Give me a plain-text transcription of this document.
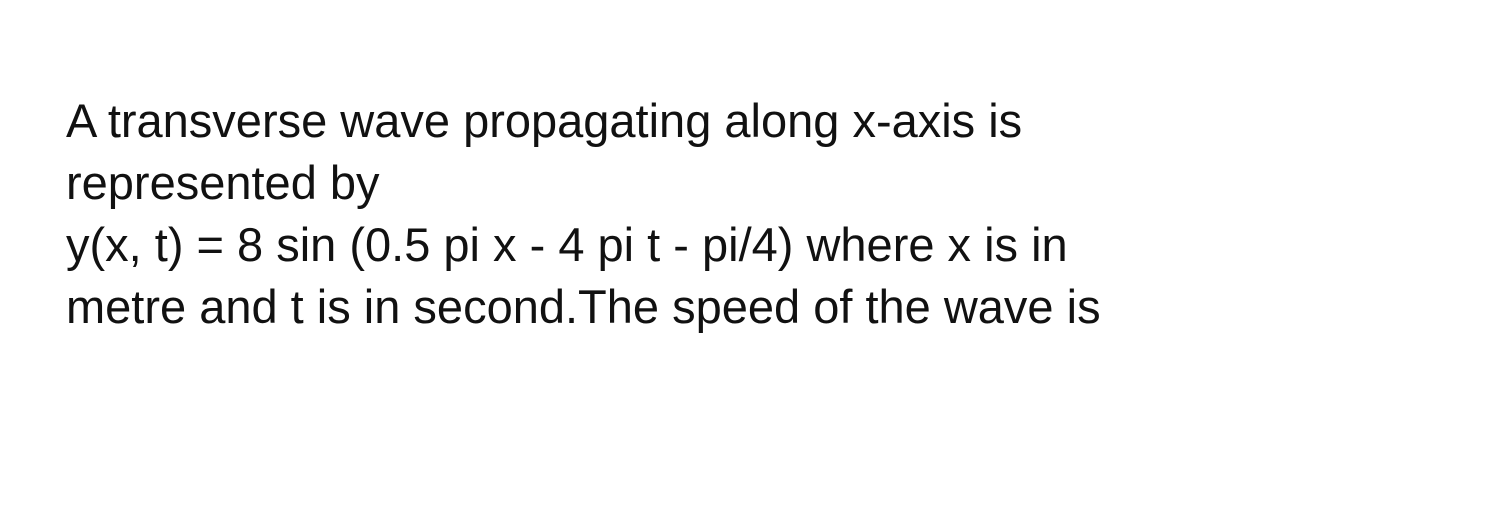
A transverse wave propagating along x-axis is
represented by
y(x, t) = 8 sin (0.5 pi x - 4 pi t - pi/4) where x is in
metre and t is in second.The speed of the wave is
